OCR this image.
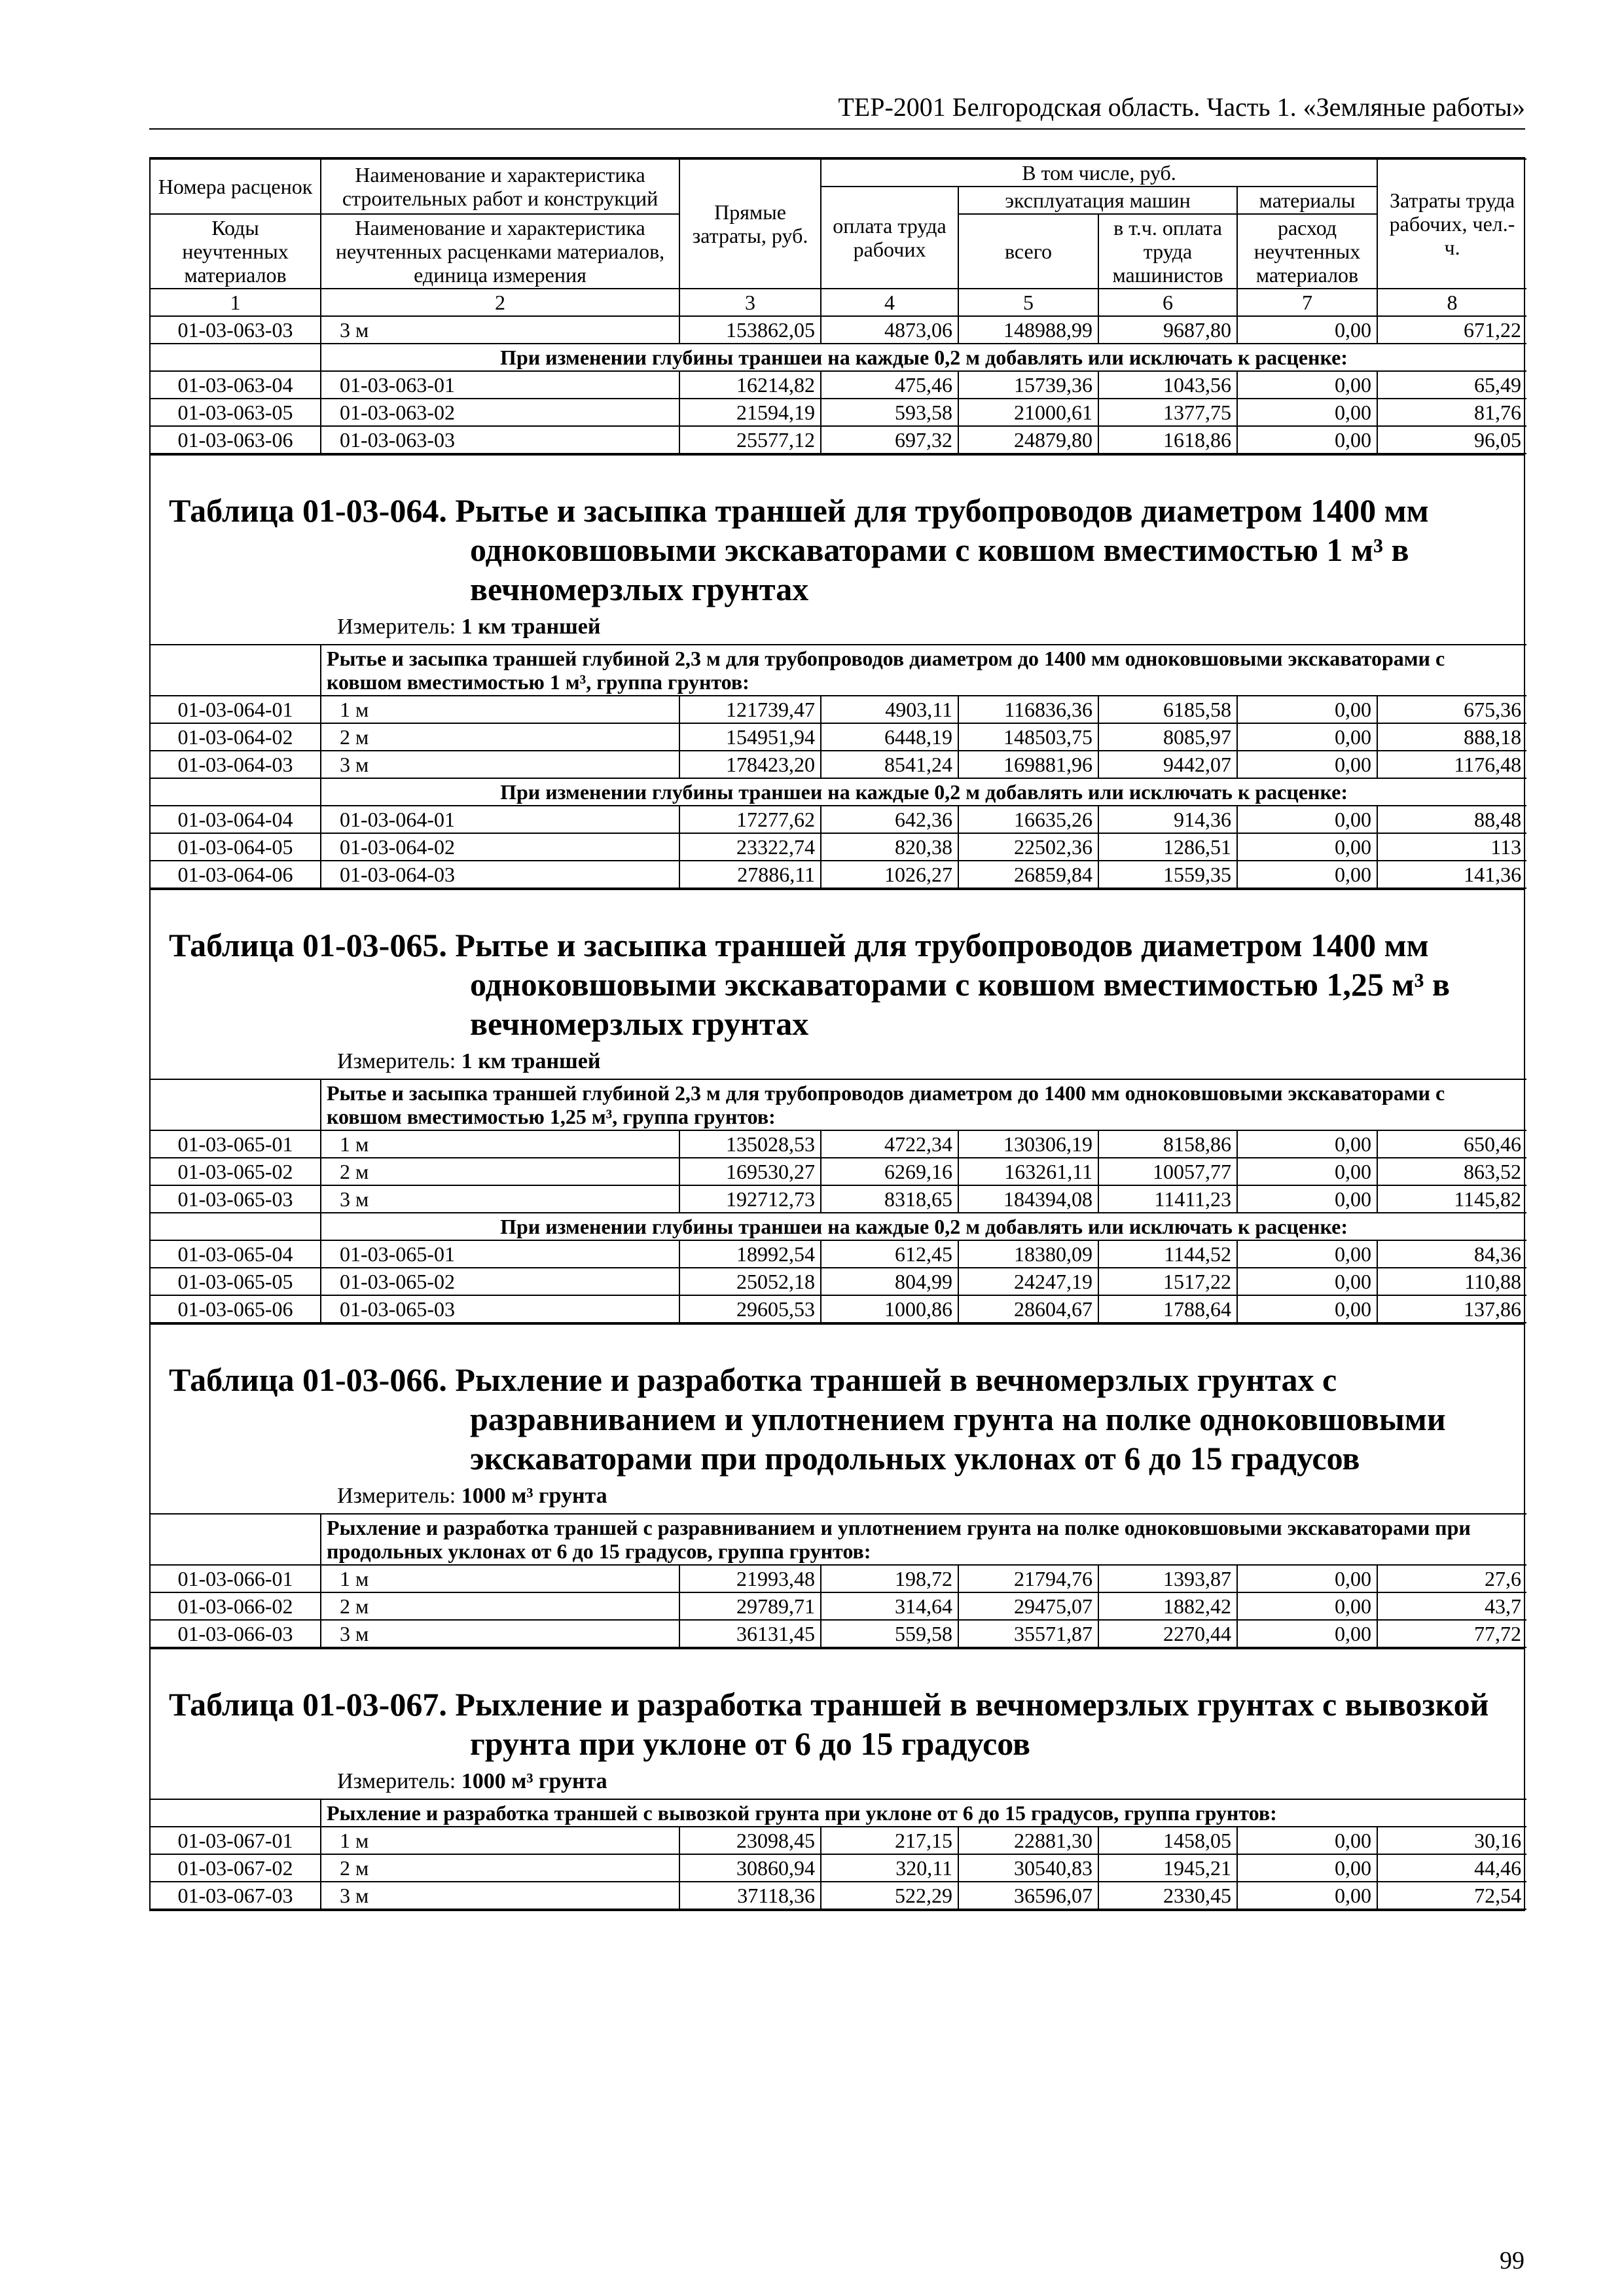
ТЕР-2001 Белгородская область. Часть 1. «Земляные работы»
Номера расценок	Наименование и характеристика строительных работ и конструкций	Прямые затраты, руб.	В том числе, руб.				Затраты труда рабочих, чел.-ч.
			оплата труда рабочих	эксплуатация машин		материалы	
Коды неучтенных материалов	Наименование и характеристика неучтенных расценками материалов, единица измерения			всего	в т.ч. оплата труда машинистов	расход неучтенных материалов	

1	2	3	4	5	6	7	8
01-03-063-03	3 м	153862,05	4873,06	148988,99	9687,80	0,00	671,22
	При изменении глубины траншеи на каждые 0,2 м добавлять или исключать к расценке:						
01-03-063-04	01-03-063-01	16214,82	475,46	15739,36	1043,56	0,00	65,49
01-03-063-05	01-03-063-02	21594,19	593,58	21000,61	1377,75	0,00	81,76
01-03-063-06	01-03-063-03	25577,12	697,32	24879,80	1618,86	0,00	96,05
Таблица 01-03-064. Рытье и засыпка траншей для трубопроводов диаметром 1400 мм
одноковшовыми экскаваторами с ковшом вместимостью 1 м³ в вечномерзлых грунтах
Измеритель: 1 км траншей
	Рытье и засыпка траншей глубиной 2,3 м для трубопроводов диаметром до 1400 мм одноковшовыми экскаваторами с ковшом вместимостью 1 м³, группа грунтов:						
01-03-064-01	1 м	121739,47	4903,11	116836,36	6185,58	0,00	675,36
01-03-064-02	2 м	154951,94	6448,19	148503,75	8085,97	0,00	888,18
01-03-064-03	3 м	178423,20	8541,24	169881,96	9442,07	0,00	1176,48
	При изменении глубины траншеи на каждые 0,2 м добавлять или исключать к расценке:						
01-03-064-04	01-03-064-01	17277,62	642,36	16635,26	914,36	0,00	88,48
01-03-064-05	01-03-064-02	23322,74	820,38	22502,36	1286,51	0,00	113
01-03-064-06	01-03-064-03	27886,11	1026,27	26859,84	1559,35	0,00	141,36
Таблица 01-03-065. Рытье и засыпка траншей для трубопроводов диаметром 1400 мм
одноковшовыми экскаваторами с ковшом вместимостью 1,25 м³ в вечномерзлых грунтах
Измеритель: 1 км траншей
	Рытье и засыпка траншей глубиной 2,3 м для трубопроводов диаметром до 1400 мм одноковшовыми экскаваторами с ковшом вместимостью 1,25 м³, группа грунтов:						
01-03-065-01	1 м	135028,53	4722,34	130306,19	8158,86	0,00	650,46
01-03-065-02	2 м	169530,27	6269,16	163261,11	10057,77	0,00	863,52
01-03-065-03	3 м	192712,73	8318,65	184394,08	11411,23	0,00	1145,82
	При изменении глубины траншеи на каждые 0,2 м добавлять или исключать к расценке:						
01-03-065-04	01-03-065-01	18992,54	612,45	18380,09	1144,52	0,00	84,36
01-03-065-05	01-03-065-02	25052,18	804,99	24247,19	1517,22	0,00	110,88
01-03-065-06	01-03-065-03	29605,53	1000,86	28604,67	1788,64	0,00	137,86
Таблица 01-03-066. Рыхление и разработка траншей в вечномерзлых грунтах с
разравниванием и уплотнением грунта на полке одноковшовыми экскаваторами при продольных уклонах от 6 до 15 градусов
Измеритель: 1000 м³ грунта
	Рыхление и разработка траншей с разравниванием и уплотнением грунта на полке одноковшовыми экскаваторами при продольных уклонах от 6 до 15 градусов, группа грунтов:						
01-03-066-01	1 м	21993,48	198,72	21794,76	1393,87	0,00	27,6
01-03-066-02	2 м	29789,71	314,64	29475,07	1882,42	0,00	43,7
01-03-066-03	3 м	36131,45	559,58	35571,87	2270,44	0,00	77,72
Таблица 01-03-067. Рыхление и разработка траншей в вечномерзлых грунтах с вывозкой
грунта при уклоне от 6 до 15 градусов
Измеритель: 1000 м³ грунта
	Рыхление и разработка траншей с вывозкой грунта при уклоне от 6 до 15 градусов, группа грунтов:						
01-03-067-01	1 м	23098,45	217,15	22881,30	1458,05	0,00	30,16
01-03-067-02	2 м	30860,94	320,11	30540,83	1945,21	0,00	44,46
01-03-067-03	3 м	37118,36	522,29	36596,07	2330,45	0,00	72,54
99
